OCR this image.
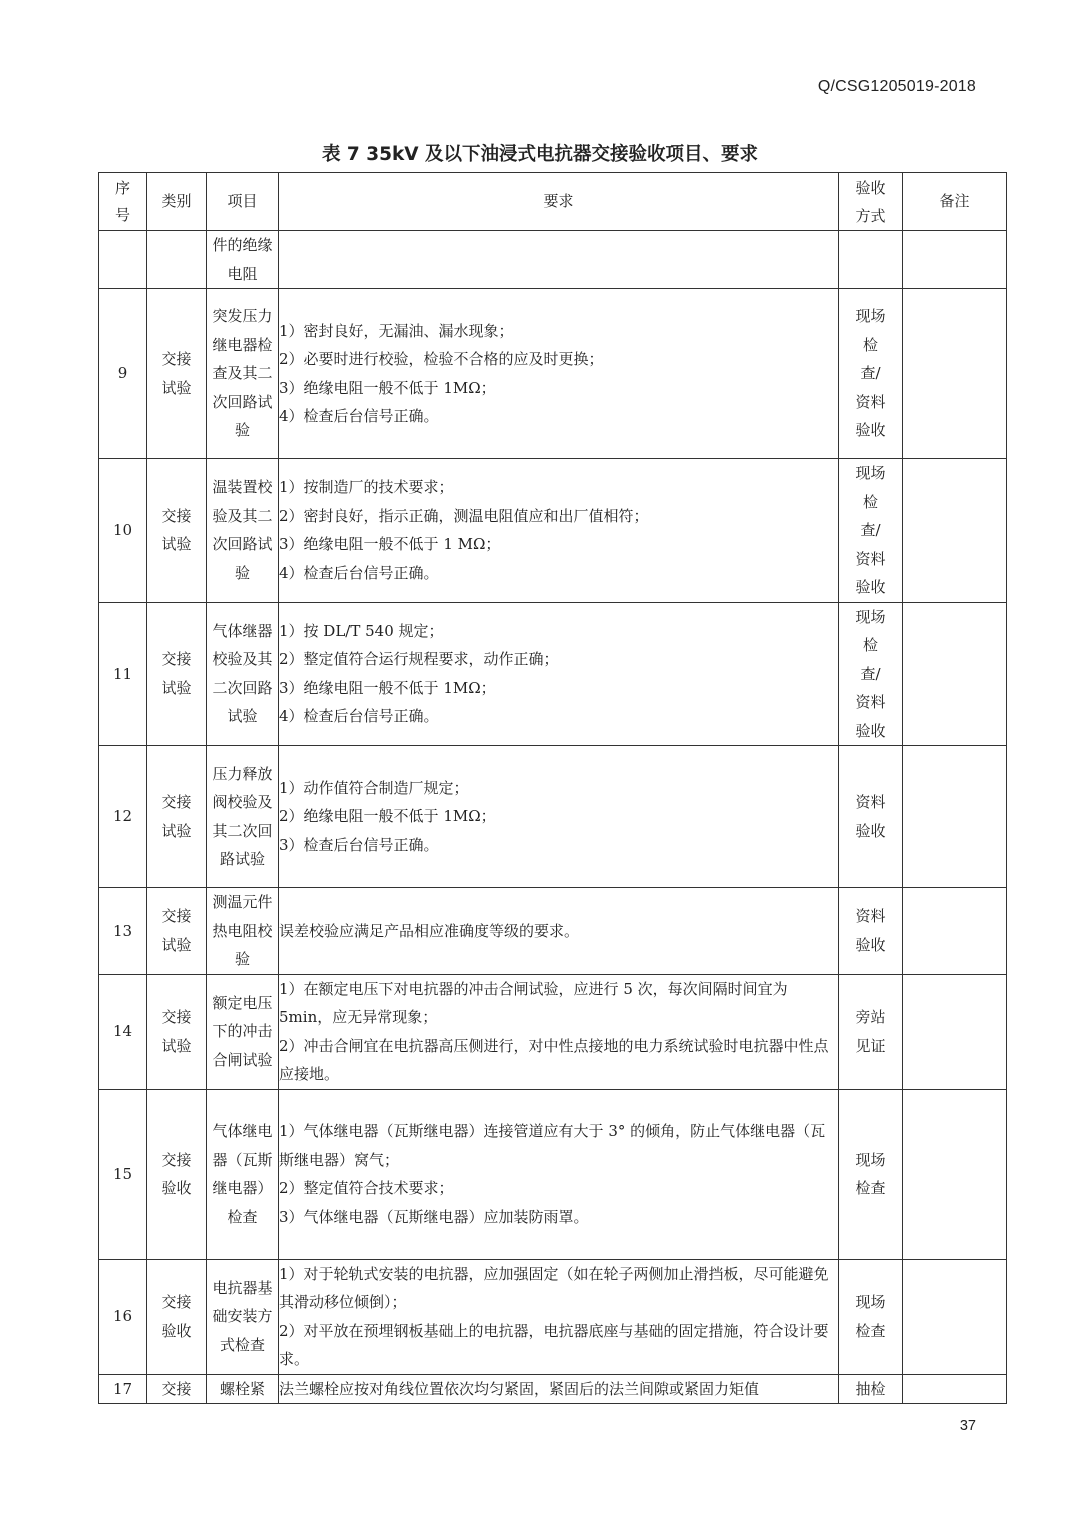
Q/CSG1205019-2018
表 7 35kV 及以下油浸式电抗器交接验收项目、要求
序号	类别	项目	要求	验收方式	备注
		件的绝缘电阻			
9	交接试验	突发压力继电器检查及其二次回路试验	1）密封良好，无漏油、漏水现象；
2）必要时进行校验，检验不合格的应及时更换；
3）绝缘电阻一般不低于 1MΩ；
4）检查后台信号正确。	现场检查/资料验收	
10	交接试验	温装置校验及其二次回路试验	1）按制造厂的技术要求；
2）密封良好，指示正确，测温电阻值应和出厂值相符；
3）绝缘电阻一般不低于 1 MΩ；
4）检查后台信号正确。	现场检查/资料验收	
11	交接试验	气体继器校验及其二次回路试验	1）按 DL/T 540 规定；
2）整定值符合运行规程要求，动作正确；
3）绝缘电阻一般不低于 1MΩ；
4）检查后台信号正确。	现场检查/资料验收	
12	交接试验	压力释放阀校验及其二次回路试验	1）动作值符合制造厂规定；
2）绝缘电阻一般不低于 1MΩ；
3）检查后台信号正确。	资料验收	
13	交接试验	测温元件热电阻校验	误差校验应满足产品相应准确度等级的要求。	资料验收	
14	交接试验	额定电压下的冲击合闸试验	1）在额定电压下对电抗器的冲击合闸试验，应进行 5 次，每次间隔时间宜为 5min，应无异常现象；
2）冲击合闸宜在电抗器高压侧进行，对中性点接地的电力系统试验时电抗器中性点应接地。	旁站见证	
15	交接验收	气体继电器（瓦斯继电器）检查	1）气体继电器（瓦斯继电器）连接管道应有大于 3° 的倾角，防止气体继电器（瓦斯继电器）窝气；
2）整定值符合技术要求；
3）气体继电器（瓦斯继电器）应加装防雨罩。	现场检查	
16	交接验收	电抗器基础安装方式检查	1）对于轮轨式安装的电抗器，应加强固定（如在轮子两侧加止滑挡板，尽可能避免其滑动移位倾倒）；
2）对平放在预埋钢板基础上的电抗器，电抗器底座与基础的固定措施，符合设计要求。	现场检查	
17	交接	螺栓紧	法兰螺栓应按对角线位置依次均匀紧固，紧固后的法兰间隙或紧固力矩值	抽检	
37
